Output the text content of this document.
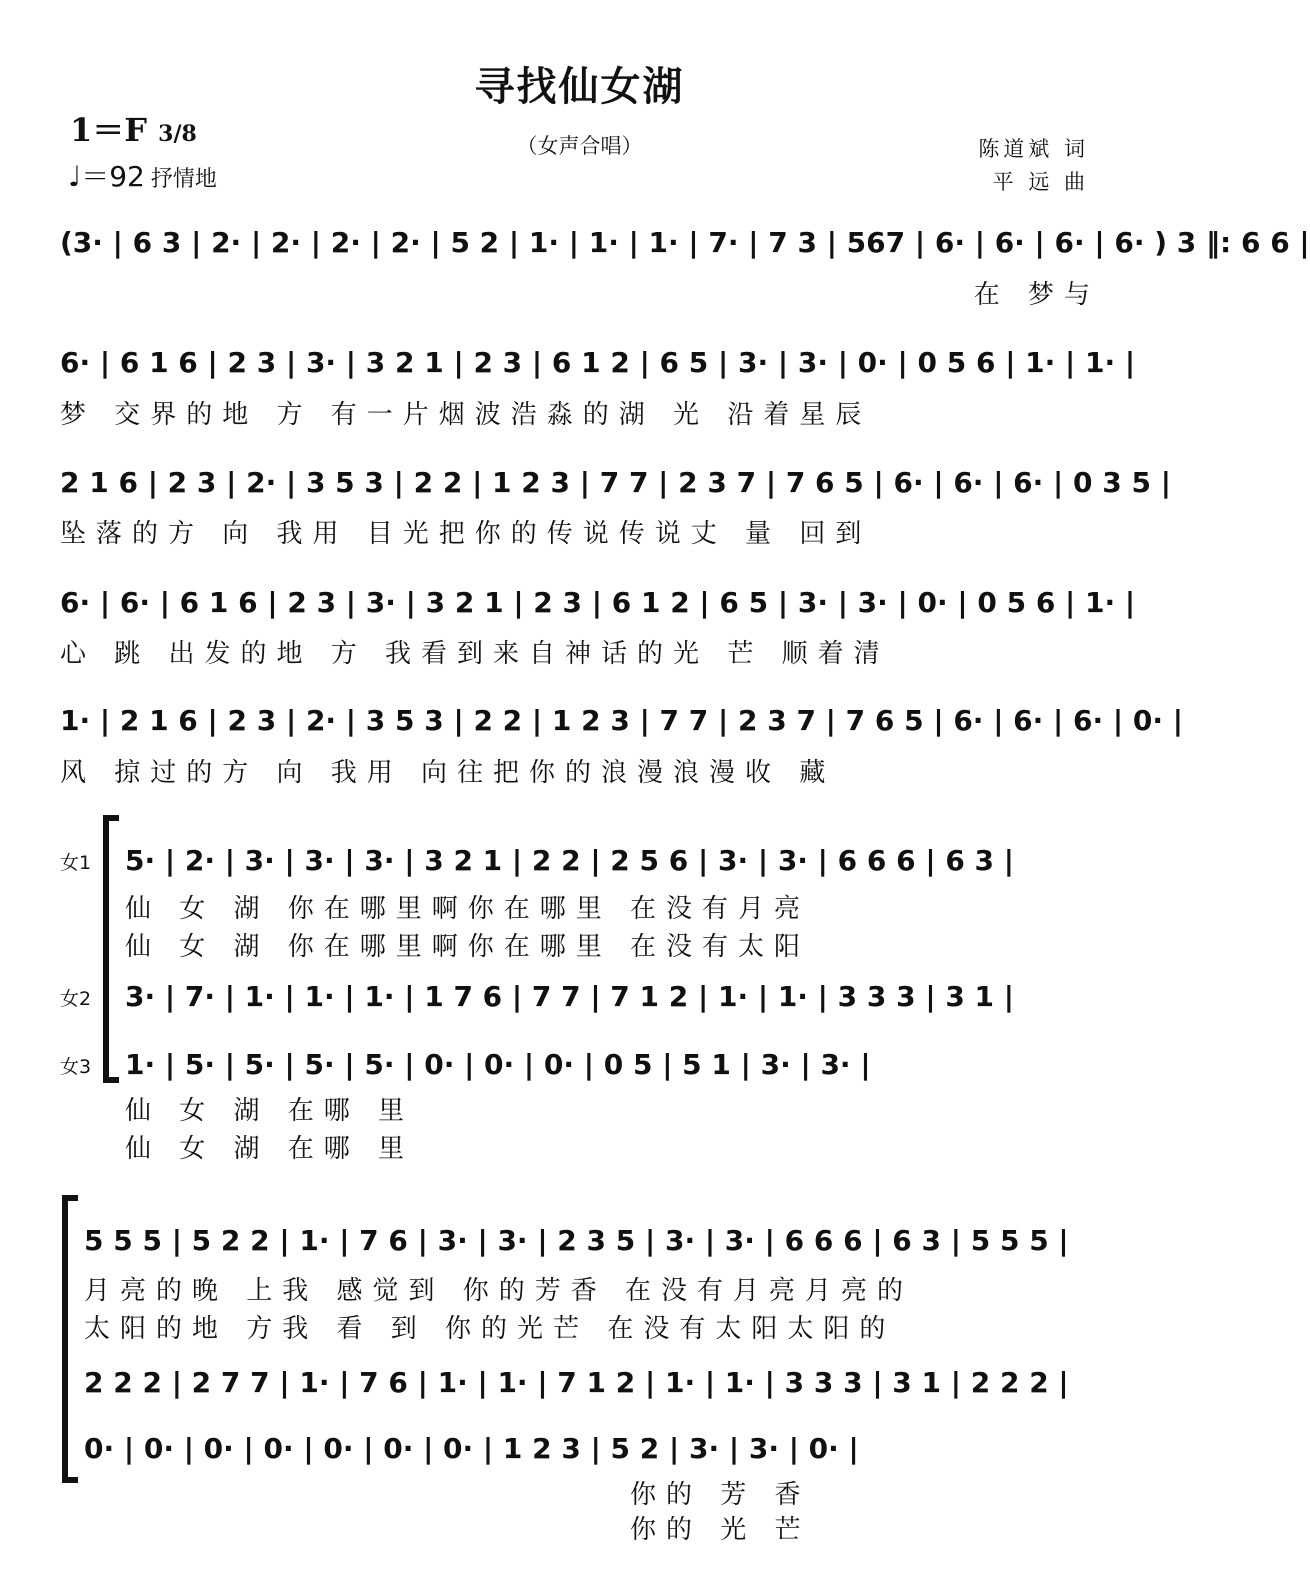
寻找仙女湖
（女声合唱）
1＝F 3/8
♩＝92 抒情地
陈道斌 词
平 远 曲
(3· | 6 3 | 2· | 2· | 2· | 2· | 5 2 | 1· | 1· | 1· | 7· | 7 3 | 567 | 6· | 6· | 6· | 6· ) 3 ‖: 6 6 |
在 梦与
6· | 6 1 6 | 2 3 | 3· | 3 2 1 | 2 3 | 6 1 2 | 6 5 | 3· | 3· | 0· | 0 5 6 | 1· | 1· |
梦 交界的地 方 有一片烟波浩淼的湖 光 沿着星辰
2 1 6 | 2 3 | 2· | 3 5 3 | 2 2 | 1 2 3 | 7 7 | 2 3 7 | 7 6 5 | 6· | 6· | 6· | 0 3 5 |
坠落的方 向 我用 目光把你的传说传说丈 量 回到
6· | 6· | 6 1 6 | 2 3 | 3· | 3 2 1 | 2 3 | 6 1 2 | 6 5 | 3· | 3· | 0· | 0 5 6 | 1· |
心 跳 出发的地 方 我看到来自神话的光 芒 顺着清
1· | 2 1 6 | 2 3 | 2· | 3 5 3 | 2 2 | 1 2 3 | 7 7 | 2 3 7 | 7 6 5 | 6· | 6· | 6· | 0· |
风 掠过的方 向 我用 向往把你的浪漫浪漫收 藏
女1 5· | 2· | 3· | 3· | 3· | 3 2 1 | 2 2 | 2 5 6 | 3· | 3· | 6 6 6 | 6 3 |
仙 女 湖 你在哪里啊你在哪里 在没有月亮
仙 女 湖 你在哪里啊你在哪里 在没有太阳
女2 3· | 7· | 1· | 1· | 1· | 1 7 6 | 7 7 | 7 1 2 | 1· | 1· | 3 3 3 | 3 1 |
女3 1· | 5· | 5· | 5· | 5· | 0· | 0· | 0· | 0 5 | 5 1 | 3· | 3· |
仙 女 湖 在哪 里
仙 女 湖 在哪 里
5 5 5 | 5 2 2 | 1· | 7 6 | 3· | 3· | 2 3 5 | 3· | 3· | 6 6 6 | 6 3 | 5 5 5 |
月亮的晚 上我 感觉到 你的芳香 在没有月亮月亮的
太阳的地 方我 看 到 你的光芒 在没有太阳太阳的
2 2 2 | 2 7 7 | 1· | 7 6 | 1· | 1· | 7 1 2 | 1· | 1· | 3 3 3 | 3 1 | 2 2 2 |
0· | 0· | 0· | 0· | 0· | 0· | 0· | 1 2 3 | 5 2 | 3· | 3· | 0· |
你的 芳 香
你的 光 芒
